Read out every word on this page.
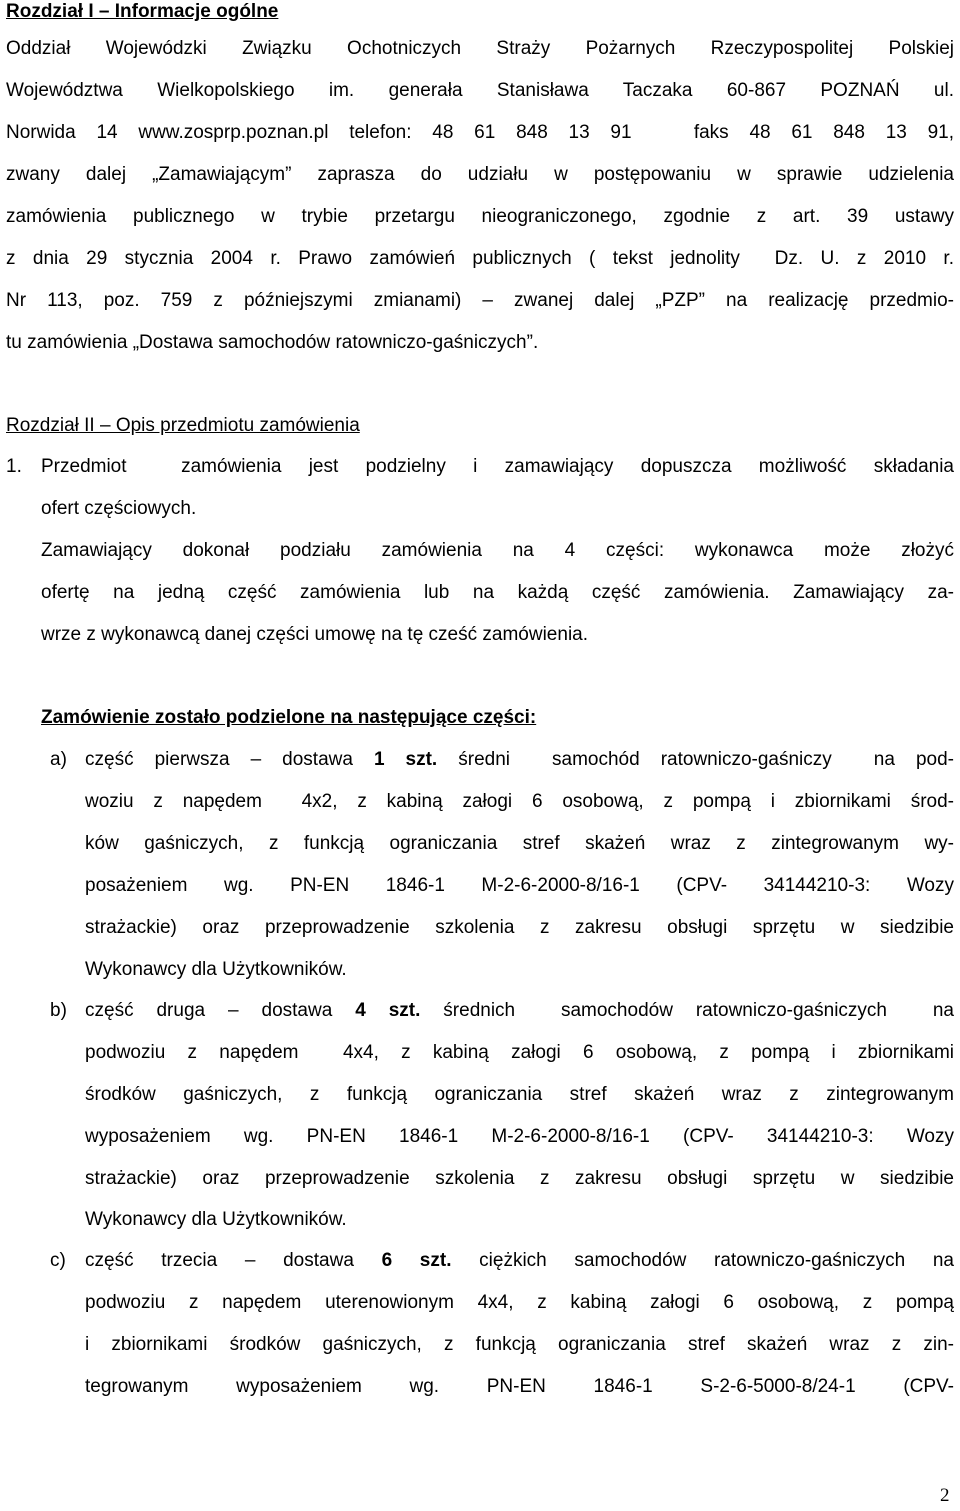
Rozdział I – Informacje ogólne
Oddział Wojewódzki Związku Ochotniczych Straży Pożarnych Rzeczypospolitej Polskiej
Województwa Wielkopolskiego im. generała Stanisława Taczaka 60-867 POZNAŃ ul.
Norwida 14 www.zosprp.poznan.pl telefon: 48 61 848 13 91   faks 48 61 848 13 91,
zwany dalej „Zamawiającym” zaprasza do udziału w postępowaniu w sprawie udzielenia
zamówienia publicznego w trybie przetargu nieograniczonego, zgodnie z art. 39 ustawy
z dnia 29 stycznia 2004 r. Prawo zamówień publicznych ( tekst jednolity  Dz. U. z 2010 r.
Nr 113, poz. 759 z późniejszymi zmianami) – zwanej dalej „PZP” na realizację przedmio-
tu zamówienia „Dostawa samochodów ratowniczo-gaśniczych”.
Rozdział II – Opis przedmiotu zamówienia
1. Przedmiot  zamówienia jest podzielny i zamawiający dopuszcza możliwość składania
ofert częściowych.
Zamawiający dokonał podziału zamówienia na 4 części: wykonawca może złożyć
ofertę na jedną część zamówienia lub na każdą część zamówienia. Zamawiający za-
wrze z wykonawcą danej części umowę na tę cześć zamówienia.
Zamówienie zostało podzielone na następujące części:
a) część pierwsza – dostawa 1 szt. średni  samochód ratowniczo-gaśniczy  na pod-
woziu z napędem  4x2, z kabiną załogi 6 osobową, z pompą i zbiornikami środ-
ków gaśniczych, z funkcją ograniczania stref skażeń wraz z zintegrowanym wy-
posażeniem wg. PN-EN 1846-1 M-2-6-2000-8/16-1 (CPV- 34144210-3: Wozy
strażackie) oraz przeprowadzenie szkolenia z zakresu obsługi sprzętu w siedzibie
Wykonawcy dla Użytkowników.
b) część druga – dostawa 4 szt. średnich  samochodów ratowniczo-gaśniczych  na
podwoziu z napędem  4x4, z kabiną załogi 6 osobową, z pompą i zbiornikami
środków gaśniczych, z funkcją ograniczania stref skażeń wraz z zintegrowanym
wyposażeniem wg. PN-EN 1846-1 M-2-6-2000-8/16-1 (CPV- 34144210-3: Wozy
strażackie) oraz przeprowadzenie szkolenia z zakresu obsługi sprzętu w siedzibie
Wykonawcy dla Użytkowników.
c) część trzecia – dostawa 6 szt. ciężkich samochodów ratowniczo-gaśniczych na
podwoziu z napędem uterenowionym 4x4, z kabiną załogi 6 osobową, z pompą
i zbiornikami środków gaśniczych, z funkcją ograniczania stref skażeń wraz z zin-
tegrowanym wyposażeniem wg. PN-EN 1846-1 S-2-6-5000-8/24-1 (CPV-
2
